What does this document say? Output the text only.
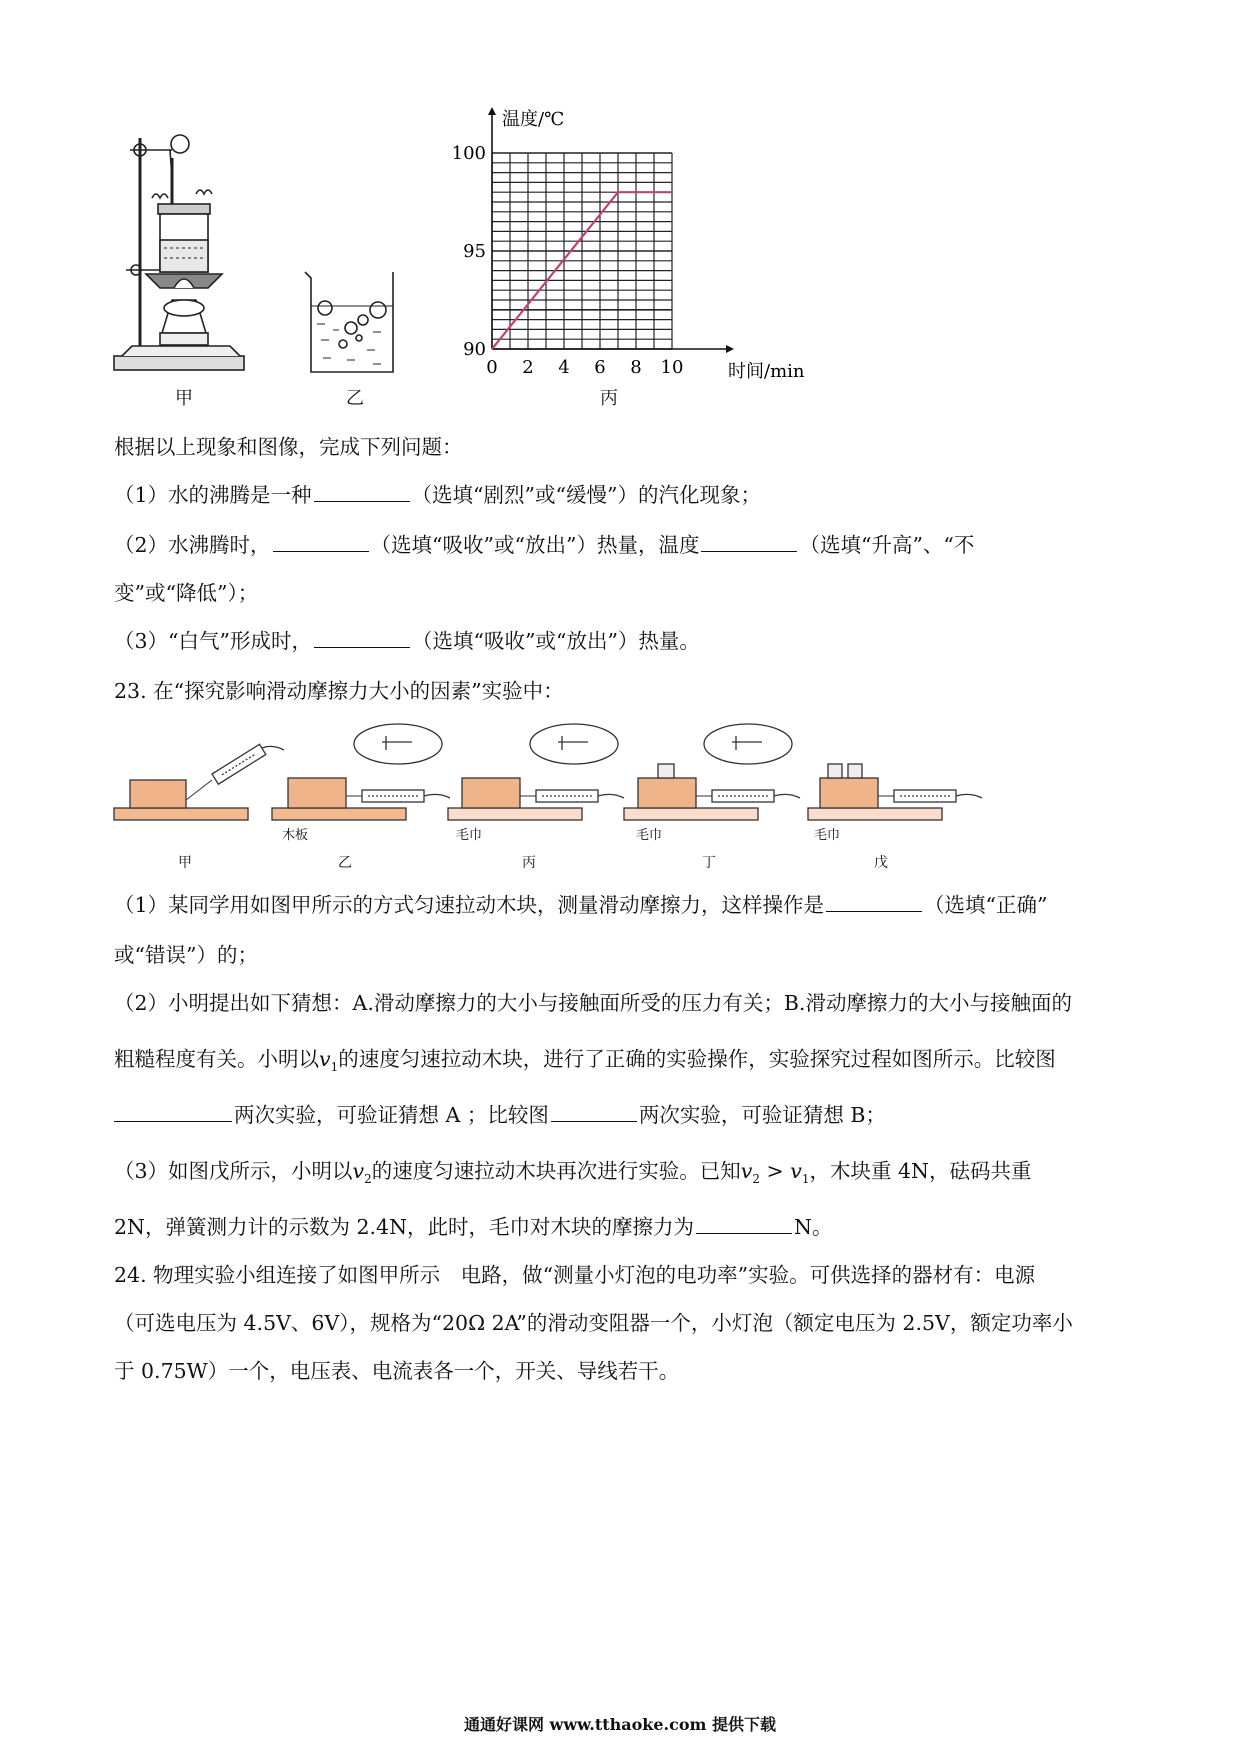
90
95
100
0 2 4 6 8 10
温度/℃
时间/min
甲	乙	丙
根据以上现象和图像，完成下列问题：
（1）水的沸腾是一种	（选填“剧烈”或“缓慢”）的汽化现象；
（2）水沸腾时，	（选填“吸收”或“放出”）热量，温度	（选填“升高”、“不
变”或“降低”）；
（3）“白气”形成时，	（选填“吸收”或“放出”）热量。
23. 在“探究影响滑动摩擦力大小的因素”实验中：
木板	毛巾	毛巾	毛巾
甲	乙	丙	丁	戊
（1）某同学用如图甲所示的方式匀速拉动木块，测量滑动摩擦力，这样操作是	（选填“正确”
或“错误”）的；
（2）小明提出如下猜想：A.滑动摩擦力的大小与接触面所受的压力有关；B.滑动摩擦力的大小与接触面的
粗糙程度有关。小明以$v_1$的速度匀速拉动木块，进行了正确的实验操作，实验探究过程如图所示。比较图
两次实验，可验证猜想 A ；比较图	两次实验，可验证猜想 B；
（3）如图戊所示，小明以$v_2$的速度匀速拉动木块再次进行实验。已知$v_2 > v_1$，木块重 4N，砝码共重
2N，弹簧测力计的示数为 2.4N，此时，毛巾对木块的摩擦力为	N。
24. 物理实验小组连接了如图甲所示　电路，做“测量小灯泡的电功率”实验。可供选择的器材有：电源
（可选电压为 4.5V、6V），规格为“20Ω 2A”的滑动变阻器一个，小灯泡（额定电压为 2.5V，额定功率小
于 0.75W）一个，电压表、电流表各一个，开关、导线若干。
通通好课网 www.tthaoke.com 提供下载
